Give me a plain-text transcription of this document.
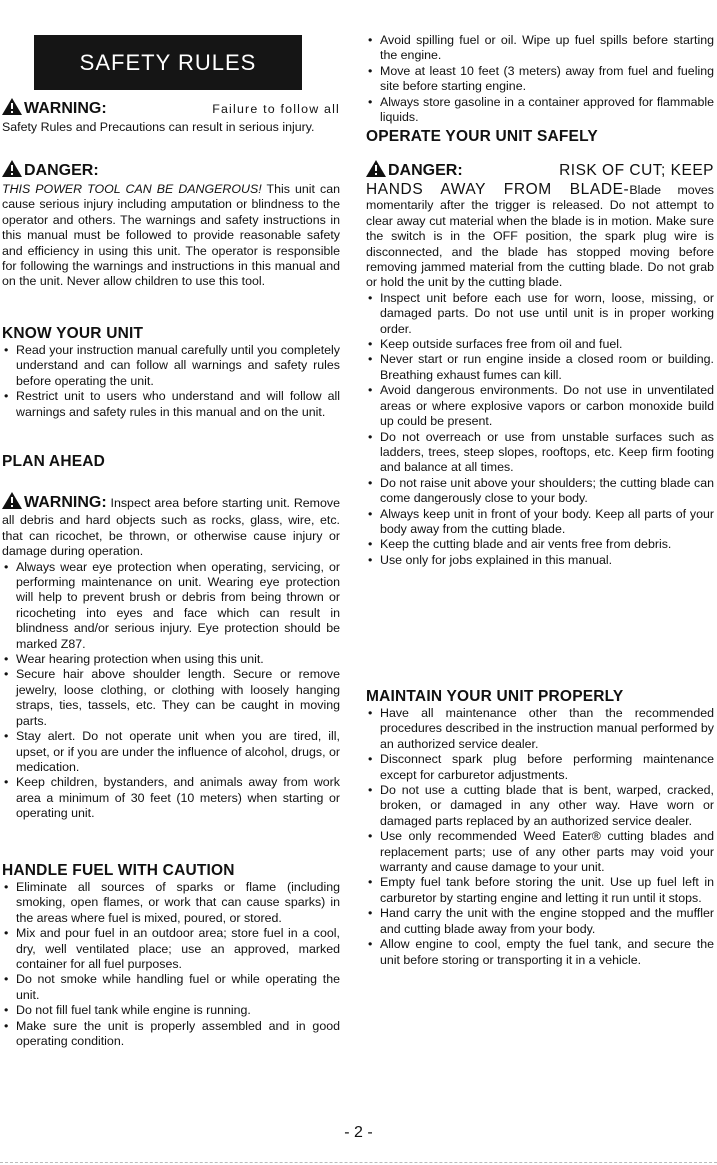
SAFETY RULES
WARNING:	Failure to follow all

Safety Rules and Precautions can result in serious injury.

DANGER:

THIS POWER TOOL CAN BE DANGEROUS! This unit can cause serious injury including amputation or blindness to the operator and others. The warnings and safety instructions in this manual must be followed to provide reasonable safety and efficiency in using this unit. The operator is responsible for following the warnings and instructions in this manual and on the unit. Never allow children to use this tool.

KNOW YOUR UNIT
• Read your instruction manual carefully until you completely understand and can follow all warnings and safety rules before operating the unit.
• Restrict unit to users who understand and will follow all warnings and safety rules in this manual and on the unit.
PLAN AHEAD

WARNING: Inspect area before starting unit. Remove all debris and hard objects such as rocks, glass, wire, etc. that can ricochet, be thrown, or otherwise cause injury or damage during operation.

• Always wear eye protection when operating, servicing, or performing maintenance on unit. Wearing eye protection will help to prevent brush or debris from being thrown or ricocheting into eyes and face which can result in blindness and/or serious injury. Eye protection should be marked Z87.
• Wear hearing protection when using this unit.
• Secure hair above shoulder length. Secure or remove jewelry, loose clothing, or clothing with loosely hanging straps, ties, tassels, etc. They can be caught in moving parts.
• Stay alert. Do not operate unit when you are tired, ill, upset, or if you are under the influence of alcohol, drugs, or medication.
• Keep children, bystanders, and animals away from work area a minimum of 30 feet (10 meters) when starting or operating unit.
HANDLE FUEL WITH CAUTION
• Eliminate all sources of sparks or flame (including smoking, open flames, or work that can cause sparks) in the areas where fuel is mixed, poured, or stored.
• Mix and pour fuel in an outdoor area; store fuel in a cool, dry, well ventilated place; use an approved, marked container for all fuel purposes.
• Do not smoke while handling fuel or while operating the unit.
• Do not fill fuel tank while engine is running.
• Make sure the unit is properly assembled and in good operating condition.
• Avoid spilling fuel or oil. Wipe up fuel spills before starting the engine.
• Move at least 10 feet (3 meters) away from fuel and fueling site before starting engine.
• Always store gasoline in a container approved for flammable liquids.
OPERATE YOUR UNIT SAFELY
DANGER:	RISK OF CUT; KEEP

HANDS AWAY FROM BLADE-Blade moves momentarily after the trigger is released. Do not attempt to clear away cut material when the blade is in motion. Make sure the switch is in the OFF position, the spark plug wire is disconnected, and the blade has stopped moving before removing jammed material from the cutting blade. Do not grab or hold the unit by the cutting blade.

• Inspect unit before each use for worn, loose, missing, or damaged parts. Do not use until unit is in proper working order.
• Keep outside surfaces free from oil and fuel.
• Never start or run engine inside a closed room or building. Breathing exhaust fumes can kill.
• Avoid dangerous environments. Do not use in unventilated areas or where explosive vapors or carbon monoxide build up could be present.
• Do not overreach or use from unstable surfaces such as ladders, trees, steep slopes, rooftops, etc. Keep firm footing and balance at all times.
• Do not raise unit above your shoulders; the cutting blade can come dangerously close to your body.
• Always keep unit in front of your body. Keep all parts of your body away from the cutting blade.
• Keep the cutting blade and air vents free from debris.
• Use only for jobs explained in this manual.
MAINTAIN YOUR UNIT PROPERLY
• Have all maintenance other than the recommended procedures described in the instruction manual performed by an authorized service dealer.
• Disconnect spark plug before performing maintenance except for carburetor adjustments.
• Do not use a cutting blade that is bent, warped, cracked, broken, or damaged in any other way. Have worn or damaged parts replaced by an authorized service dealer.
• Use only recommended Weed Eater® cutting blades and replacement parts; use of any other parts may void your warranty and cause damage to your unit.
• Empty fuel tank before storing the unit. Use up fuel left in carburetor by starting engine and letting it run until it stops.
• Hand carry the unit with the engine stopped and the muffler and cutting blade away from your body.
• Allow engine to cool, empty the fuel tank, and secure the unit before storing or transporting it in a vehicle.
- 2 -
